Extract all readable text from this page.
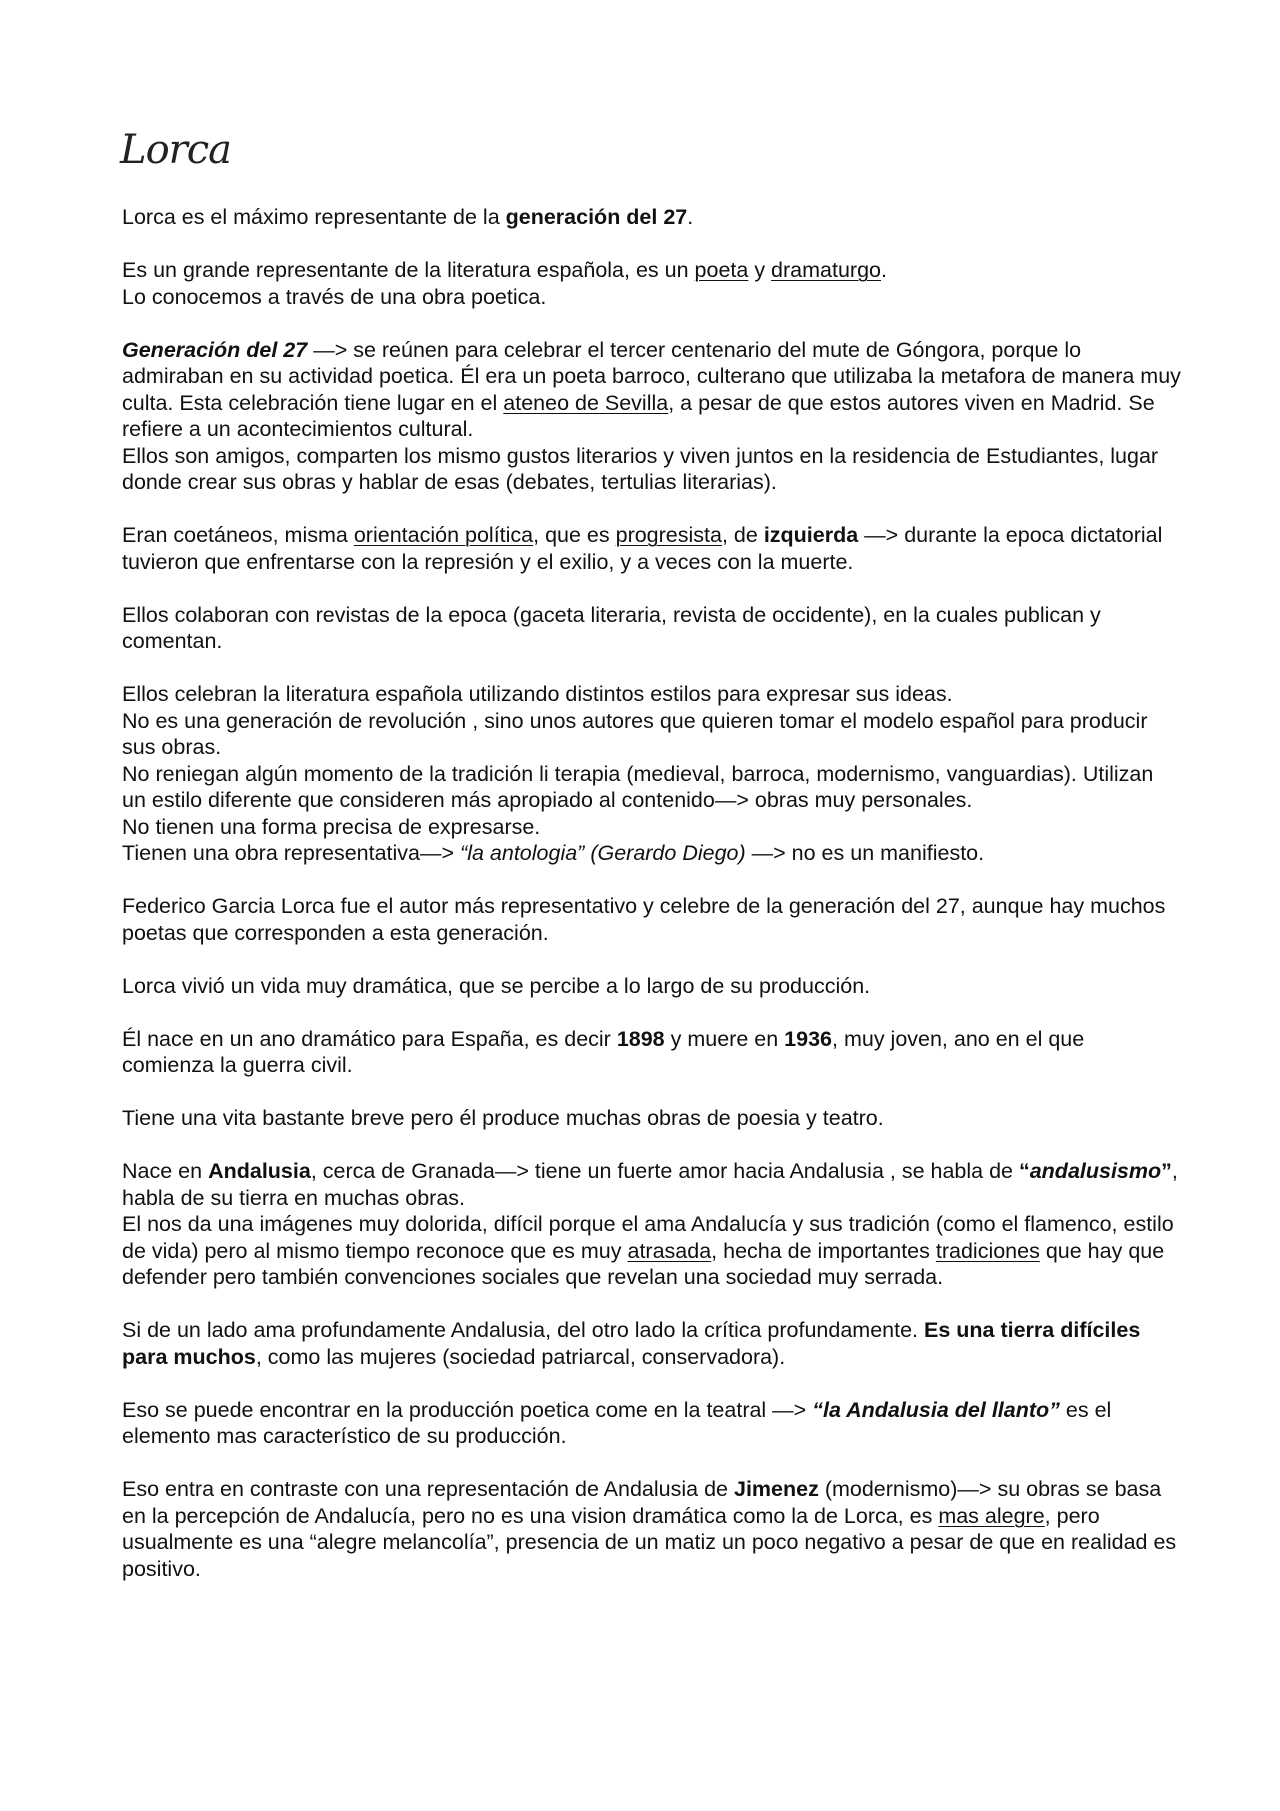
Lorca
Lorca es el máximo representante de la generación del 27.
Es un grande representante de la literatura española, es un poeta y dramaturgo.
Lo conocemos a través de una obra poetica.
Generación del 27 —> se reúnen para celebrar el tercer centenario del mute de Góngora, porque lo admiraban en su actividad poetica. Él era un poeta barroco, culterano que utilizaba la metafora de manera muy culta. Esta celebración tiene lugar en el ateneo de Sevilla, a pesar de que estos autores viven en Madrid. Se refiere a un acontecimientos cultural.
Ellos son amigos, comparten los mismo gustos literarios y viven juntos en la residencia de Estudiantes, lugar donde crear sus obras y hablar de esas (debates, tertulias literarias).
Eran coetáneos, misma orientación política, que es progresista, de izquierda —> durante la epoca dictatorial tuvieron que enfrentarse con la represión y el exilio, y a veces con la muerte.
Ellos colaboran con revistas de la epoca (gaceta literaria, revista de occidente), en la cuales publican y comentan.
Ellos celebran la literatura española utilizando distintos estilos para expresar sus ideas.
No es una generación de revolución , sino unos autores que quieren tomar el modelo español para producir sus obras.
No reniegan algún momento de la tradición li terapia (medieval, barroca, modernismo, vanguardias). Utilizan un estilo diferente que consideren más apropiado al contenido—> obras muy personales.
No tienen una forma precisa de expresarse.
Tienen una obra representativa—> “la antologia” (Gerardo Diego) —> no es un manifiesto.
Federico Garcia Lorca fue el autor más representativo y celebre de la generación del 27, aunque hay muchos poetas que corresponden a esta generación.
Lorca vivió un vida muy dramática, que se percibe a lo largo de su producción.
Él nace en un ano dramático para España, es decir 1898 y muere en 1936, muy joven, ano en el que comienza la guerra civil.
Tiene una vita bastante breve pero él produce muchas obras de poesia y teatro.
Nace en Andalusia, cerca de Granada—> tiene un fuerte amor hacia Andalusia , se habla de “andalusismo”, habla de su tierra en muchas obras.
El nos da una imágenes muy dolorida, difícil porque el ama Andalucía y sus tradición (como el flamenco, estilo de vida) pero al mismo tiempo reconoce que es muy atrasada, hecha de importantes tradiciones que hay que defender pero también convenciones sociales que revelan una sociedad muy serrada.
Si de un lado ama profundamente Andalusia, del otro lado la crítica profundamente. Es una tierra difíciles para muchos, como las mujeres (sociedad patriarcal, conservadora).
Eso se puede encontrar en la producción poetica come en la teatral —> “la Andalusia del llanto” es el elemento mas característico de su producción.
Eso entra en contraste con una representación de Andalusia de Jimenez (modernismo)—> su obras se basa en la percepción de Andalucía, pero no es una vision dramática como la de Lorca, es mas alegre, pero usualmente es una “alegre melancolía”, presencia de un matiz un poco negativo a pesar de que en realidad es positivo.
